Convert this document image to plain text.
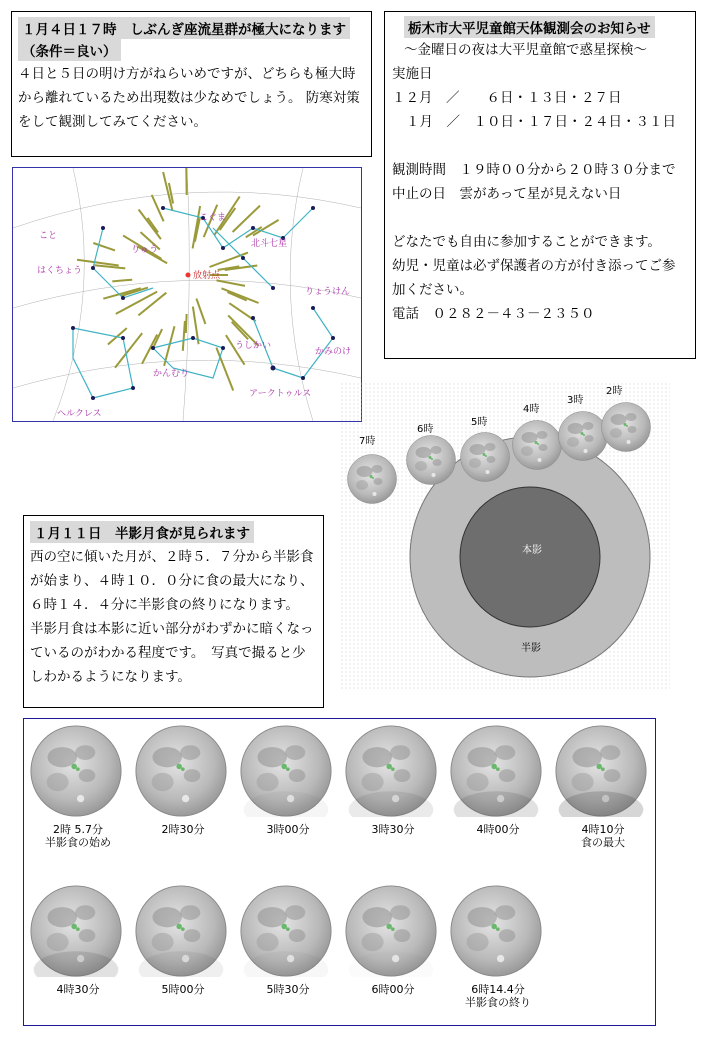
１月４日１７時　しぶんぎ座流星群が極大になります
（条件＝良い）
４日と５日の明け方がねらいめですが、どちらも極大時から離れているため出現数は少なめでしょう。 防寒対策をして観測してみてください。
栃木市大平児童館天体観測会のお知らせ
～金曜日の夜は大平児童館で惑星探検～
実施日
１２月　／　　６日・１３日・２７日
１月　／　１０日・１７日・２４日・３１日
観測時間　１９時００分から２０時３０分まで
中止の日　雲があって星が見えない日
どなたでも自由に参加することができます。
幼児・児童は必ず保護者の方が付き添ってご参加ください。
電話　０２８２－４３－２３５０
放射点
こぐま
北斗七星
りゅう
こと
はくちょう
りょうけん
うしかい
かみのけ
かんむり
アークトゥルス
ヘルクレス
本影
半影
7時
6時
5時
4時
3時
2時
１月１１日　半影月食が見られます
西の空に傾いた月が、２時５．７分から半影食が始まり、４時１０．０分に食の最大になり、６時１４．４分に半影食の終りになります。　半影月食は本影に近い部分がわずかに暗くなっているのがわかる程度です。　写真で撮ると少しわかるようになります。
2時 5.7分
半影食の始め
2時30分	3時00分	3時30分	4時00分	4時10分
食の最大
4時30分	5時00分	5時30分	6時00分	6時14.4分
半影食の終り
